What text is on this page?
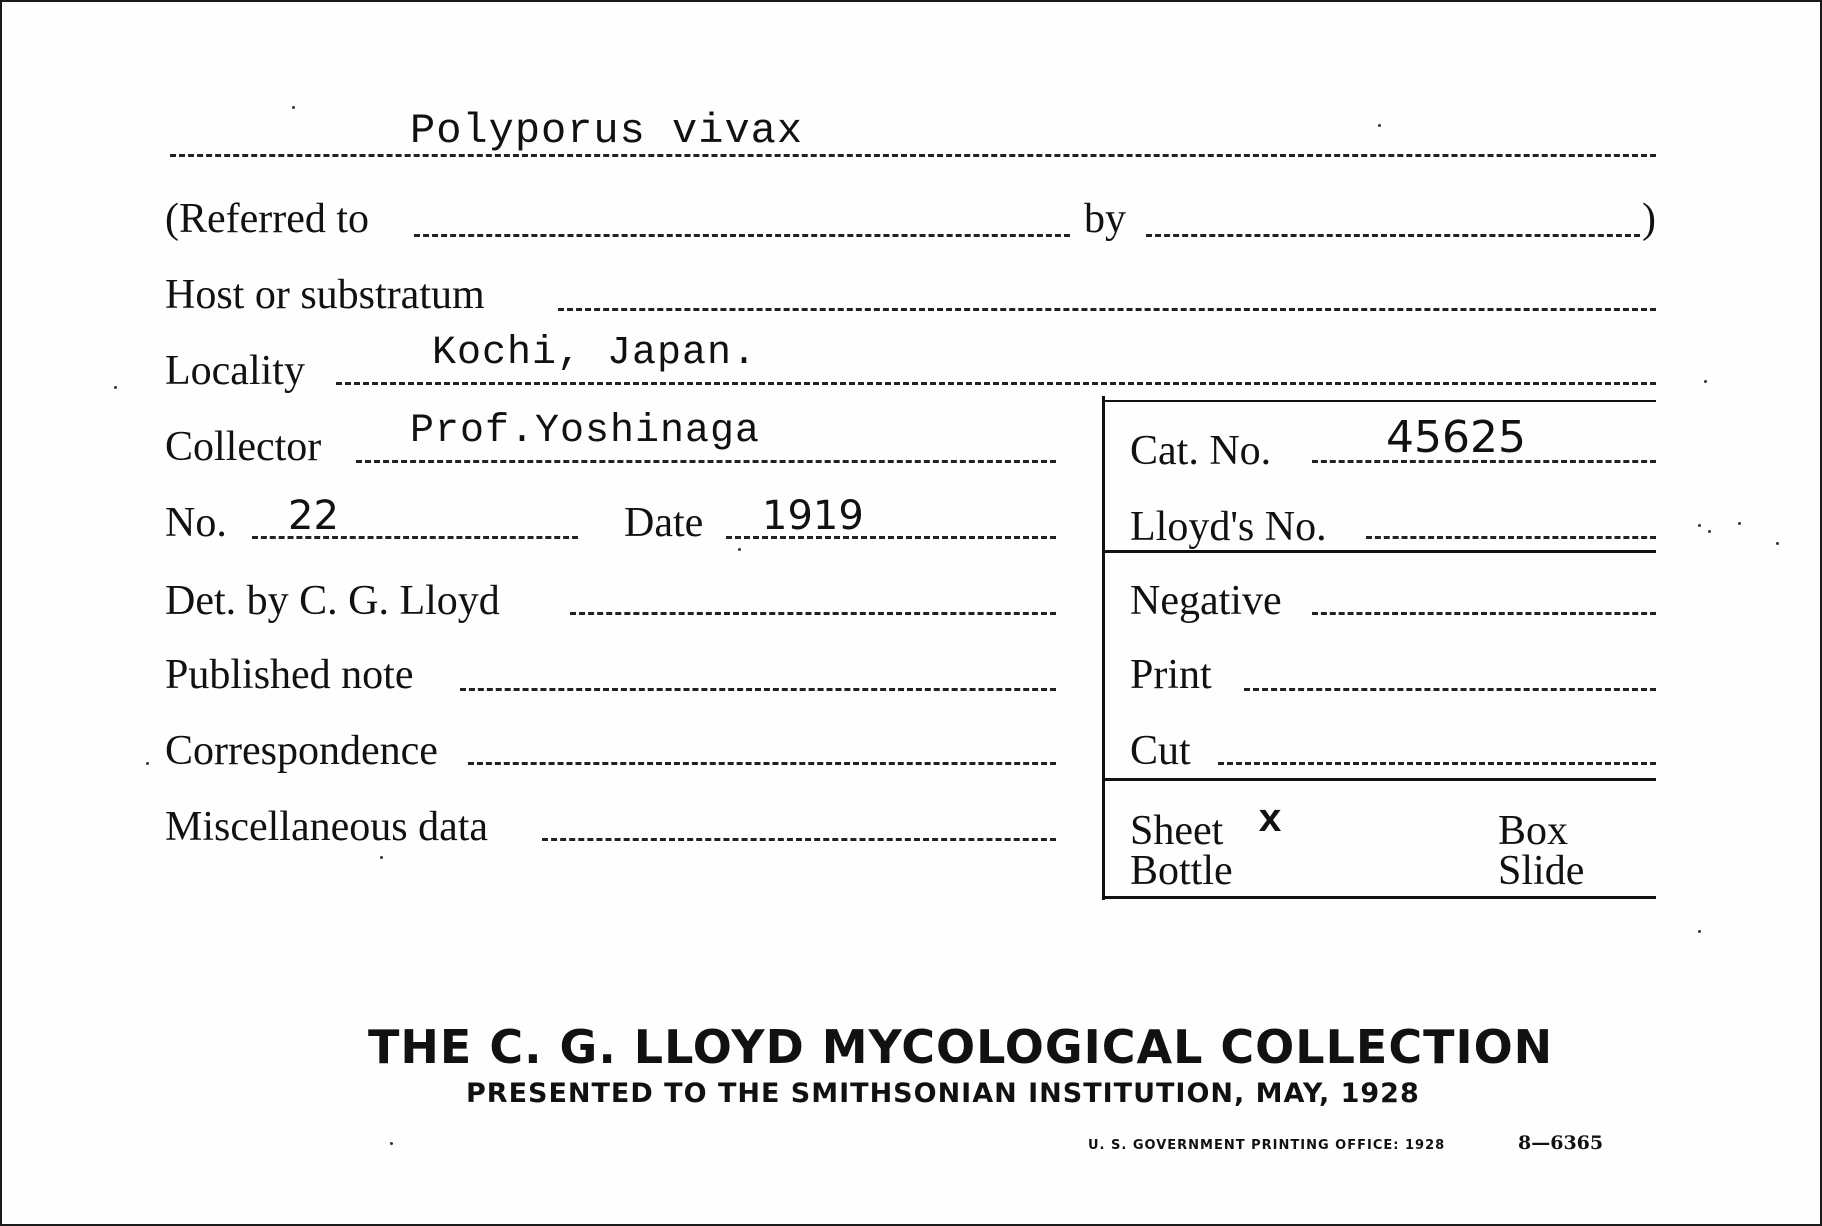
Polyporus vivax
(Referred to	by	)
Host or substratum
Locality	Kochi, Japan.
Collector Prof.Yoshinaga
No. 22	Date 1919
Det. by C. G. Lloyd
Published note
Correspondence
Miscellaneous data
Cat. No.	45625
Lloyd's No.
Negative
Print
Cut
Sheet x	Box
Bottle	Slide
THE C. G. LLOYD MYCOLOGICAL COLLECTION
PRESENTED TO THE SMITHSONIAN INSTITUTION, MAY, 1928
U. S. GOVERNMENT PRINTING OFFICE: 1928	8—6365
